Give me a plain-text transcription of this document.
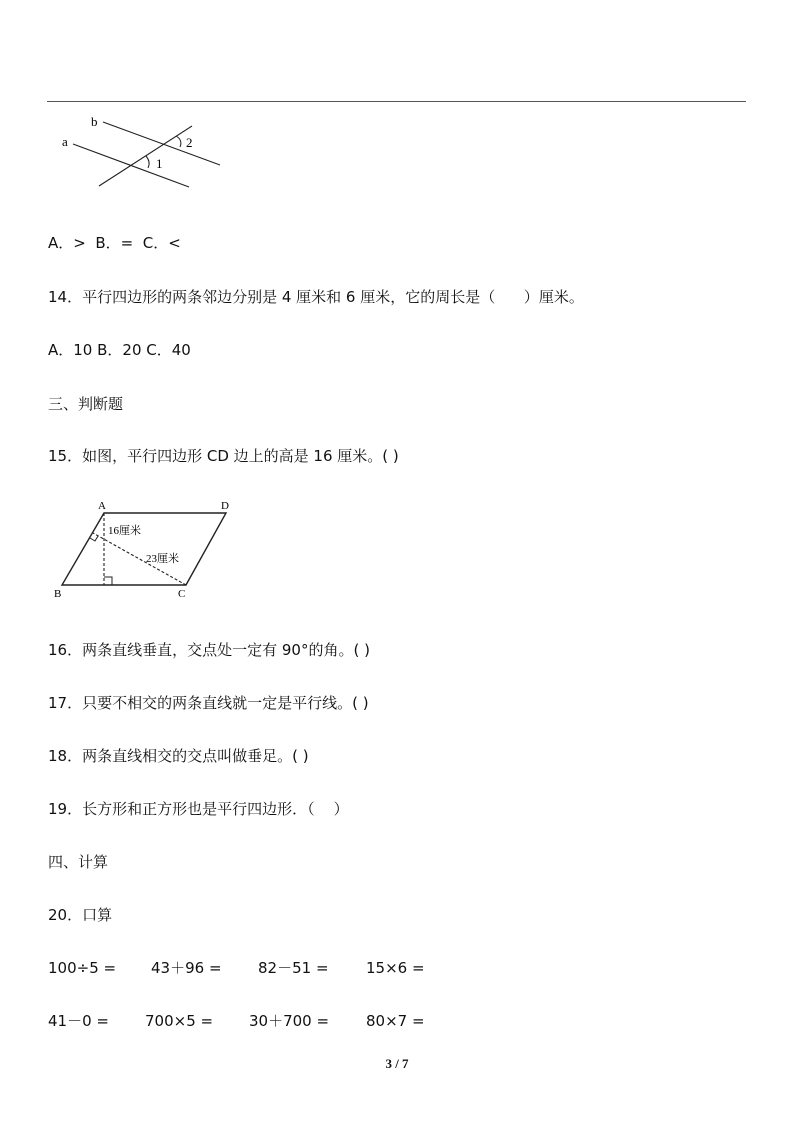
b
a
1
2
A．>  B．=  C．<
14．平行四边形的两条邻边分别是 4 厘米和 6 厘米，它的周长是（      ）厘米。
A．10 B．20 C．40
三、判断题
15．如图，平行四边形 CD 边上的高是 16 厘米。( )
A	D
B	C
16厘米
23厘米
16．两条直线垂直，交点处一定有 90°的角。( )
17．只要不相交的两条直线就一定是平行线。( )
18．两条直线相交的交点叫做垂足。( )
19．长方形和正方形也是平行四边形．（    ）
四、计算
20．口算
100÷5 = 43＋96 = 82－51 = 15×6 =
41－0 = 700×5 = 30＋700 = 80×7 =
3 / 7
